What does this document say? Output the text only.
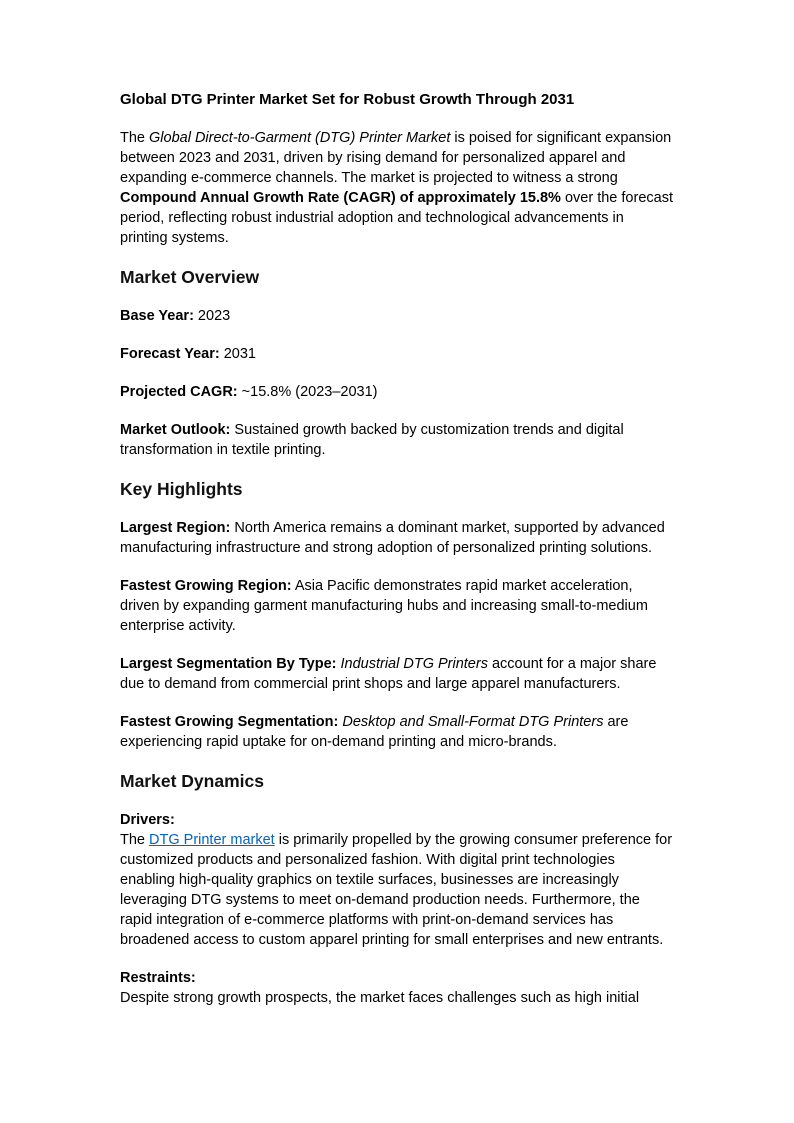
Global DTG Printer Market Set for Robust Growth Through 2031

The Global Direct-to-Garment (DTG) Printer Market is poised for significant expansion between 2023 and 2031, driven by rising demand for personalized apparel and expanding e-commerce channels. The market is projected to witness a strong Compound Annual Growth Rate (CAGR) of approximately 15.8% over the forecast period, reflecting robust industrial adoption and technological advancements in printing systems.

Market Overview

Base Year: 2023

Forecast Year: 2031

Projected CAGR: ~15.8% (2023–2031)

Market Outlook: Sustained growth backed by customization trends and digital transformation in textile printing.

Key Highlights

Largest Region: North America remains a dominant market, supported by advanced manufacturing infrastructure and strong adoption of personalized printing solutions.

Fastest Growing Region: Asia Pacific demonstrates rapid market acceleration, driven by expanding garment manufacturing hubs and increasing small-to-medium enterprise activity.

Largest Segmentation By Type: Industrial DTG Printers account for a major share due to demand from commercial print shops and large apparel manufacturers.

Fastest Growing Segmentation: Desktop and Small-Format DTG Printers are experiencing rapid uptake for on-demand printing and micro-brands.

Market Dynamics

Drivers:
The DTG Printer market is primarily propelled by the growing consumer preference for customized products and personalized fashion. With digital print technologies enabling high-quality graphics on textile surfaces, businesses are increasingly leveraging DTG systems to meet on-demand production needs. Furthermore, the rapid integration of e-commerce platforms with print-on-demand services has broadened access to custom apparel printing for small enterprises and new entrants.

Restraints:
Despite strong growth prospects, the market faces challenges such as high initial
